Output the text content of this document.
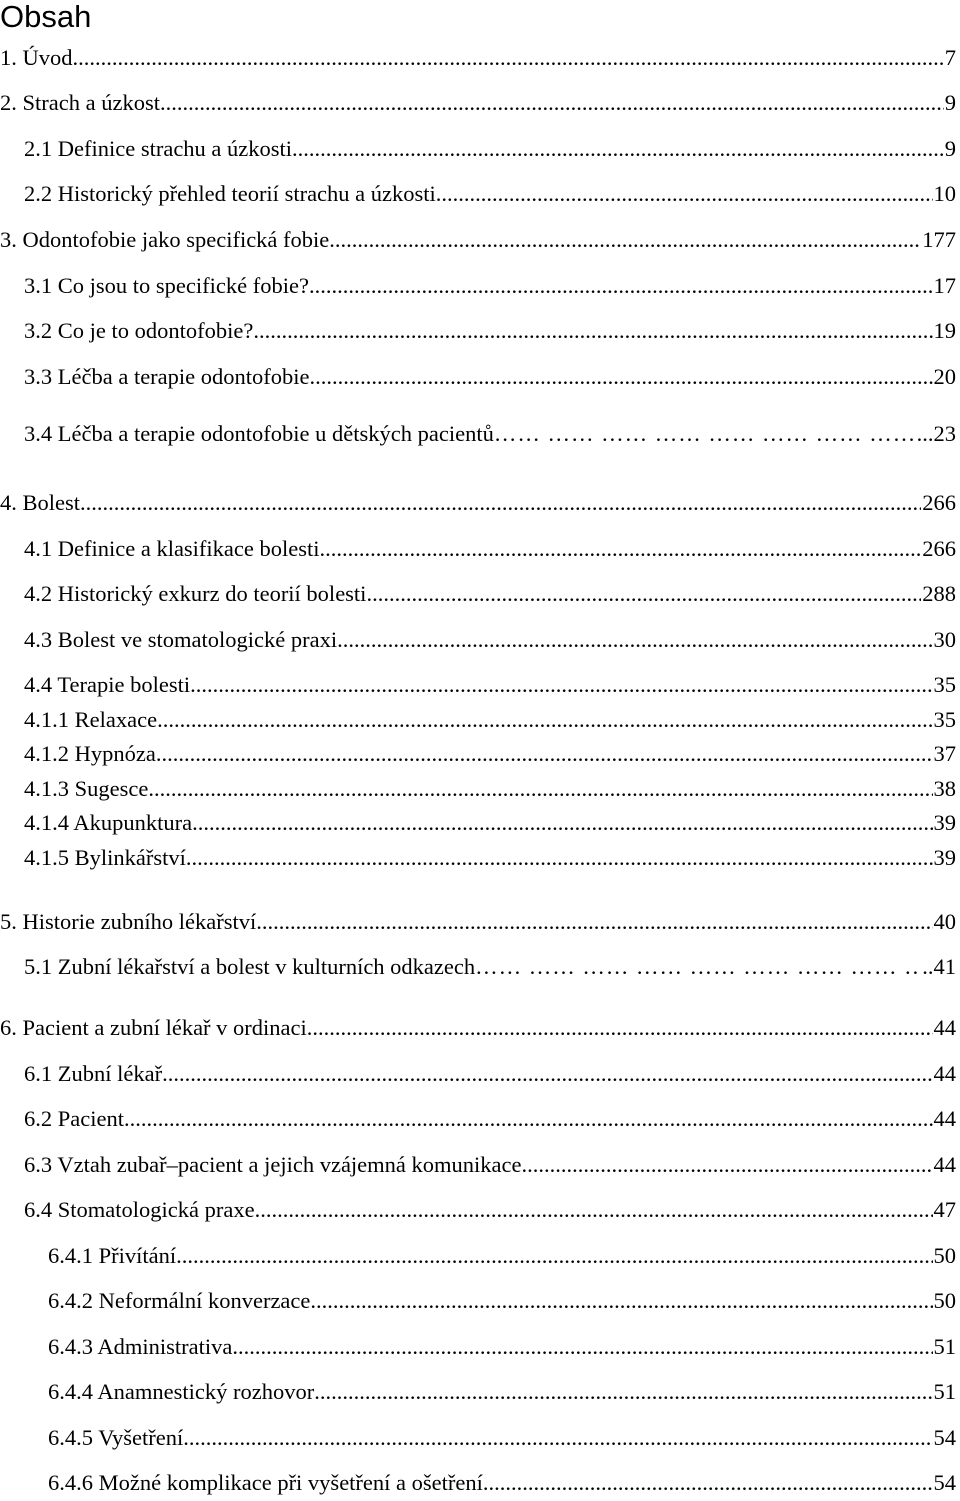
Obsah
1. Úvod .....	7
2. Strach a úzkost .....	9
2.1 Definice strachu a úzkosti .....	9
2.2 Historický přehled teorií strachu a úzkosti. .....	10
3. Odontofobie jako specifická fobie .....	177
3.1 Co jsou to specifické fobie? .....	17
3.2 Co je to odontofobie? .....	19
3.3 Léčba a terapie odontofobie .....	20
3.4 Léčba a terapie odontofobie u dětských pacientů …… …… …… …… …… …… …… …… …… …… …… …… …… …… …… …… …… …… …… …… …… ……	...23
4. Bolest .....	266
4.1 Definice a klasifikace bolesti .....	266
4.2 Historický exkurz do teorií bolesti .....	288
4.3 Bolest ve stomatologické praxi .....	30
4.4 Terapie bolesti .....	35
4.1.1 Relaxace .....	35
4.1.2 Hypnóza .....	37
4.1.3 Sugesce .....	38
4.1.4 Akupunktura .....	39
4.1.5 Bylinkářství .....	39
5. Historie zubního lékařství .....	40
5.1 Zubní lékařství a bolest v kulturních odkazech …… …… …… …… …… …… …… …… …… …… …… …… …… …… …… …… …… …… …… …… …… ……	..41
6. Pacient a zubní lékař v ordinaci .....	44
6.1 Zubní lékař .....	44
6.2 Pacient .....	44
6.3 Vztah zubař–pacient a jejich vzájemná komunikace .....	44
6.4 Stomatologická praxe .....	47
6.4.1 Přivítání .....	50
6.4.2 Neformální konverzace .....	50
6.4.3 Administrativa .....	51
6.4.4 Anamnestický rozhovor .....	51
6.4.5 Vyšetření .....	54
6.4.6 Možné komplikace při vyšetření a ošetření .....	54
